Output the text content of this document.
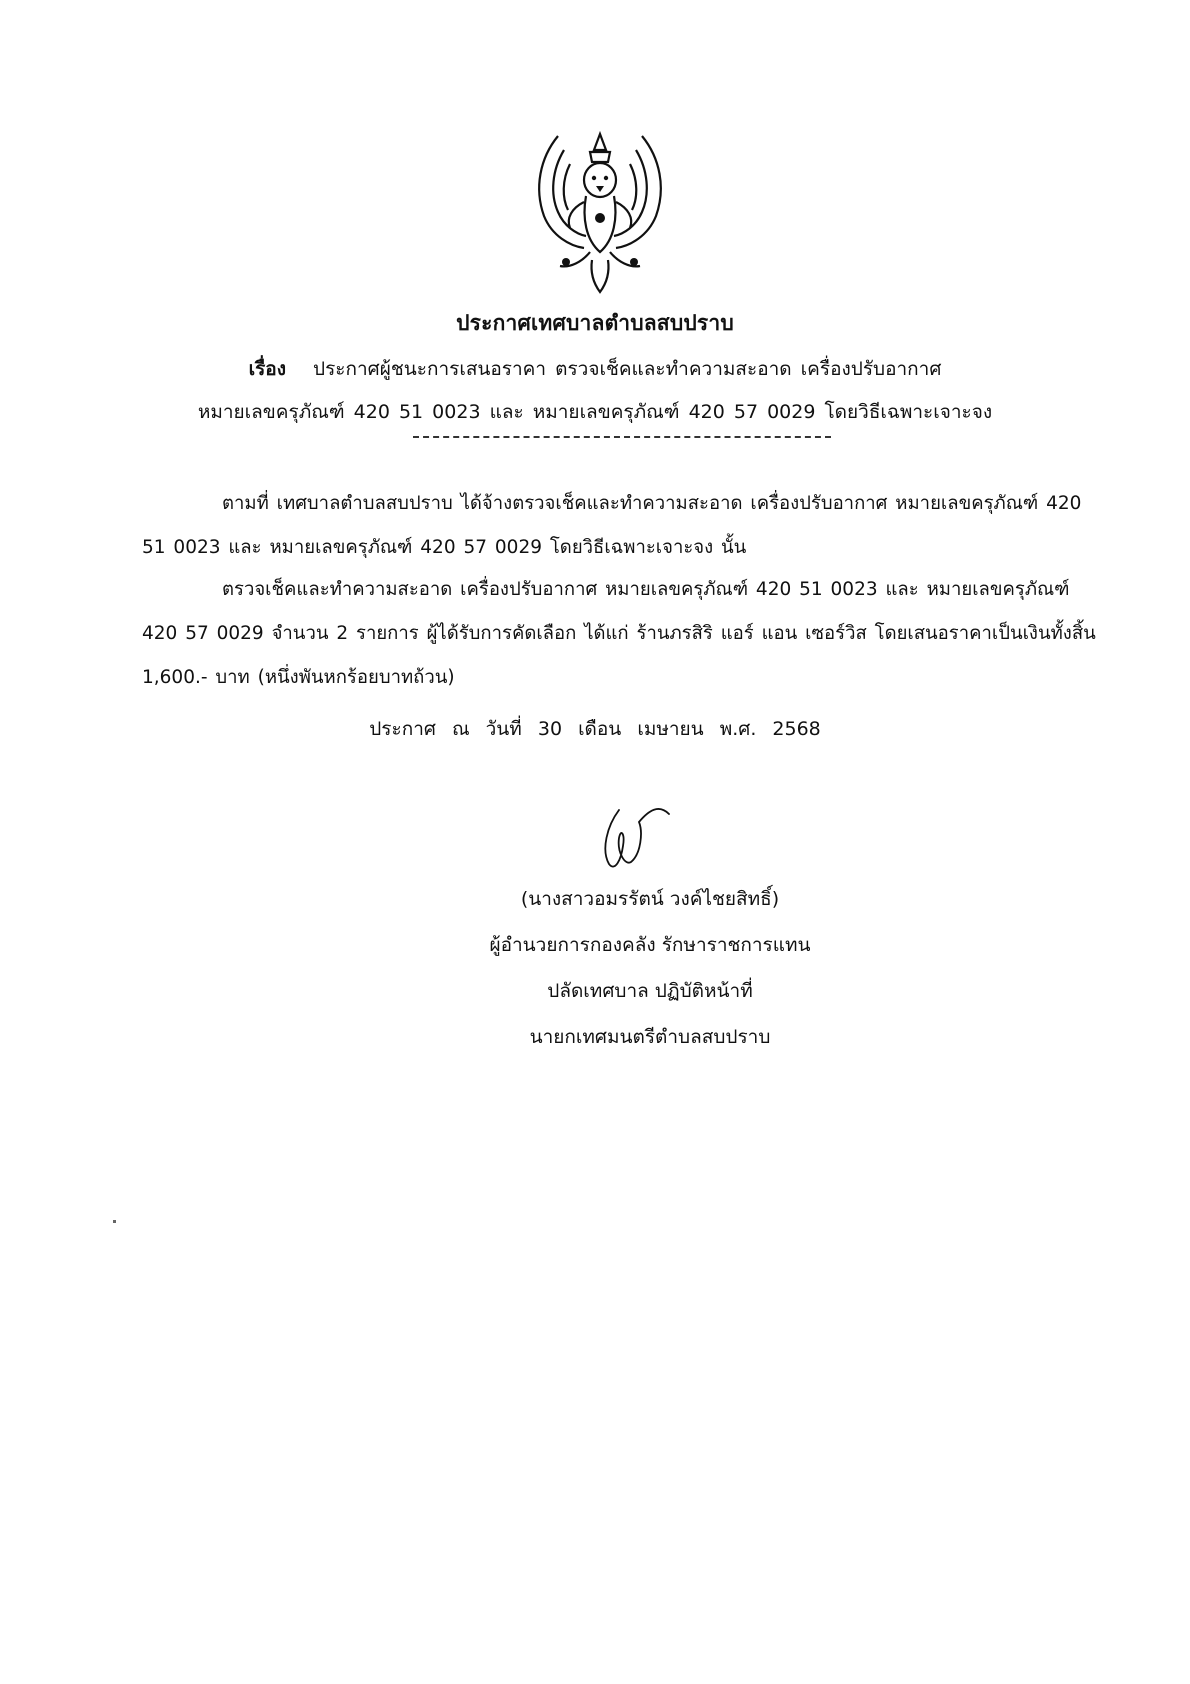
ประกาศเทศบาลตำบลสบปราบ
เรื่อง ประกาศผู้ชนะการเสนอราคา ตรวจเช็คและทำความสะอาด เครื่องปรับอากาศ
หมายเลขครุภัณฑ์ 420 51 0023 และ หมายเลขครุภัณฑ์ 420 57 0029 โดยวิธีเฉพาะเจาะจง
ตามที่ เทศบาลตำบลสบปราบ ได้จ้างตรวจเช็คและทำความสะอาด เครื่องปรับอากาศ หมายเลขครุภัณฑ์ 420 51 0023 และ หมายเลขครุภัณฑ์ 420 57 0029 โดยวิธีเฉพาะเจาะจง นั้น
ตรวจเช็คและทำความสะอาด เครื่องปรับอากาศ หมายเลขครุภัณฑ์ 420 51 0023 และ หมายเลขครุภัณฑ์ 420 57 0029 จำนวน 2 รายการ ผู้ได้รับการคัดเลือก ได้แก่ ร้านภรสิริ แอร์ แอน เซอร์วิส โดยเสนอราคาเป็นเงินทั้งสิ้น 1,600.- บาท (หนึ่งพันหกร้อยบาทถ้วน)
ประกาศ ณ วันที่ 30 เดือน เมษายน พ.ศ. 2568
(นางสาวอมรรัตน์ วงค์ไชยสิทธิ์)
ผู้อำนวยการกองคลัง รักษาราชการแทน
ปลัดเทศบาล ปฏิบัติหน้าที่
นายกเทศมนตรีตำบลสบปราบ
